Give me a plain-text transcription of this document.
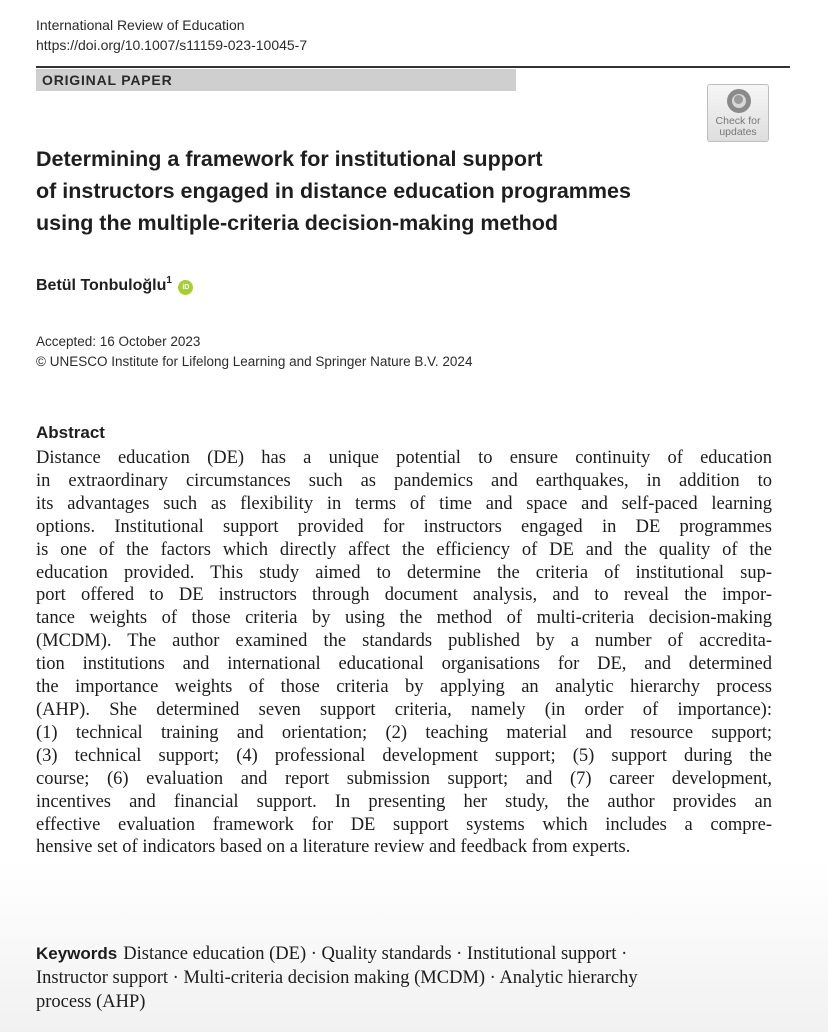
International Review of Education
https://doi.org/10.1007/s11159-023-10045-7
ORIGINAL PAPER
Check for
updates
Determining a framework for institutional support
of instructors engaged in distance education programmes
using the multiple-criteria decision-making method
Betül Tonbuloğlu$^1$ iD
Accepted: 16 October 2023
© UNESCO Institute for Lifelong Learning and Springer Nature B.V. 2024
Abstract
Distance education (DE) has a unique potential to ensure continuity of education
in extraordinary circumstances such as pandemics and earthquakes, in addition to
its advantages such as flexibility in terms of time and space and self-paced learning
options. Institutional support provided for instructors engaged in DE programmes
is one of the factors which directly affect the efficiency of DE and the quality of the
education provided. This study aimed to determine the criteria of institutional sup-
port offered to DE instructors through document analysis, and to reveal the impor-
tance weights of those criteria by using the method of multi-criteria decision-making
(MCDM). The author examined the standards published by a number of accredita-
tion institutions and international educational organisations for DE, and determined
the importance weights of those criteria by applying an analytic hierarchy process
(AHP). She determined seven support criteria, namely (in order of importance):
(1) technical training and orientation; (2) teaching material and resource support;
(3) technical support; (4) professional development support; (5) support during the
course; (6) evaluation and report submission support; and (7) career development,
incentives and financial support. In presenting her study, the author provides an
effective evaluation framework for DE support systems which includes a compre-
hensive set of indicators based on a literature review and feedback from experts.
Keywords Distance education (DE) · Quality standards · Institutional support ·
Instructor support · Multi-criteria decision making (MCDM) · Analytic hierarchy
process (AHP)
